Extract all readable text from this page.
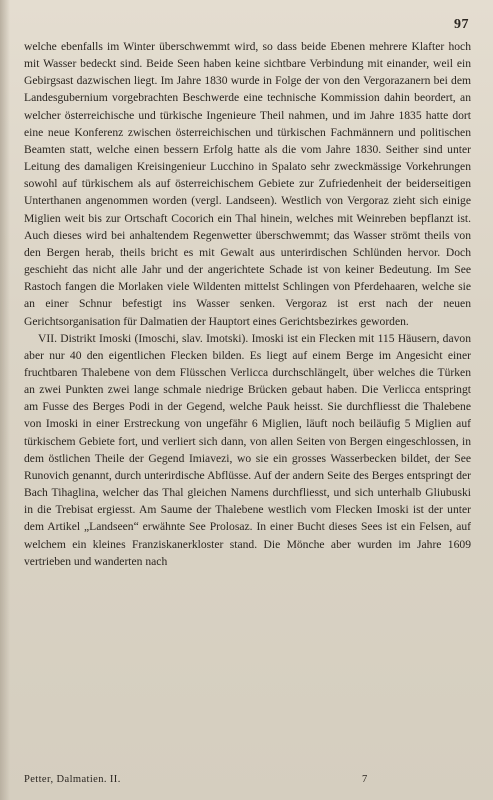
97

welche ebenfalls im Winter überschwemmt wird, so dass beide Ebenen mehrere Klafter hoch mit Wasser bedeckt sind. Beide Seen haben keine sichtbare Verbindung mit einander, weil ein Gebirgsast dazwischen liegt. Im Jahre 1830 wurde in Folge der von den Vergorazanern bei dem Landesgubernium vorgebrachten Beschwerde eine technische Kommission dahin beordert, an welcher österreichische und türkische Ingenieure Theil nahmen, und im Jahre 1835 hatte dort eine neue Konferenz zwischen österreichischen und türkischen Fachmännern und politischen Beamten statt, welche einen bessern Erfolg hatte als die vom Jahre 1830. Seither sind unter Leitung des damaligen Kreisingenieur Lucchino in Spalato sehr zweckmässige Vorkehrungen sowohl auf türkischem als auf österreichischem Gebiete zur Zufriedenheit der beiderseitigen Unterthanen angenommen worden (vergl. Landseen). Westlich von Vergoraz zieht sich einige Miglien weit bis zur Ortschaft Cocorich ein Thal hinein, welches mit Weinreben bepflanzt ist. Auch dieses wird bei anhaltendem Regenwetter überschwemmt; das Wasser strömt theils von den Bergen herab, theils bricht es mit Gewalt aus unterirdischen Schlünden hervor. Doch geschieht das nicht alle Jahr und der angerichtete Schade ist von keiner Bedeutung. Im See Rastoch fangen die Morlaken viele Wildenten mittelst Schlingen von Pferdehaaren, welche sie an einer Schnur befestigt ins Wasser senken. Vergoraz ist erst nach der neuen Gerichtsorganisation für Dalmatien der Hauptort eines Gerichtsbezirkes geworden.

VII. Distrikt Imoski (Imoschi, slav. Imotski). Imoski ist ein Flecken mit 115 Häusern, davon aber nur 40 den eigentlichen Flecken bilden. Es liegt auf einem Berge im Angesicht einer fruchtbaren Thalebene von dem Flüsschen Verlicca durchschlängelt, über welches die Türken an zwei Punkten zwei lange schmale niedrige Brücken gebaut haben. Die Verlicca entspringt am Fusse des Berges Podi in der Gegend, welche Pauk heisst. Sie durchfliesst die Thalebene von Imoski in einer Erstreckung von ungefähr 6 Miglien, läuft noch beiläufig 5 Miglien auf türkischem Gebiete fort, und verliert sich dann, von allen Seiten von Bergen eingeschlossen, in dem östlichen Theile der Gegend Imiavezi, wo sie ein grosses Wasserbecken bildet, der See Runovich genannt, durch unterirdische Abflüsse. Auf der andern Seite des Berges entspringt der Bach Tihaglina, welcher das Thal gleichen Namens durchfliesst, und sich unterhalb Gliubuski in die Trebisat ergiesst. Am Saume der Thalebene westlich vom Flecken Imoski ist der unter dem Artikel „Landseen“ erwähnte See Prolosaz. In einer Bucht dieses Sees ist ein Felsen, auf welchem ein kleines Franziskanerkloster stand. Die Mönche aber wurden im Jahre 1609 vertrieben und wanderten nach

Petter, Dalmatien. II.	7
